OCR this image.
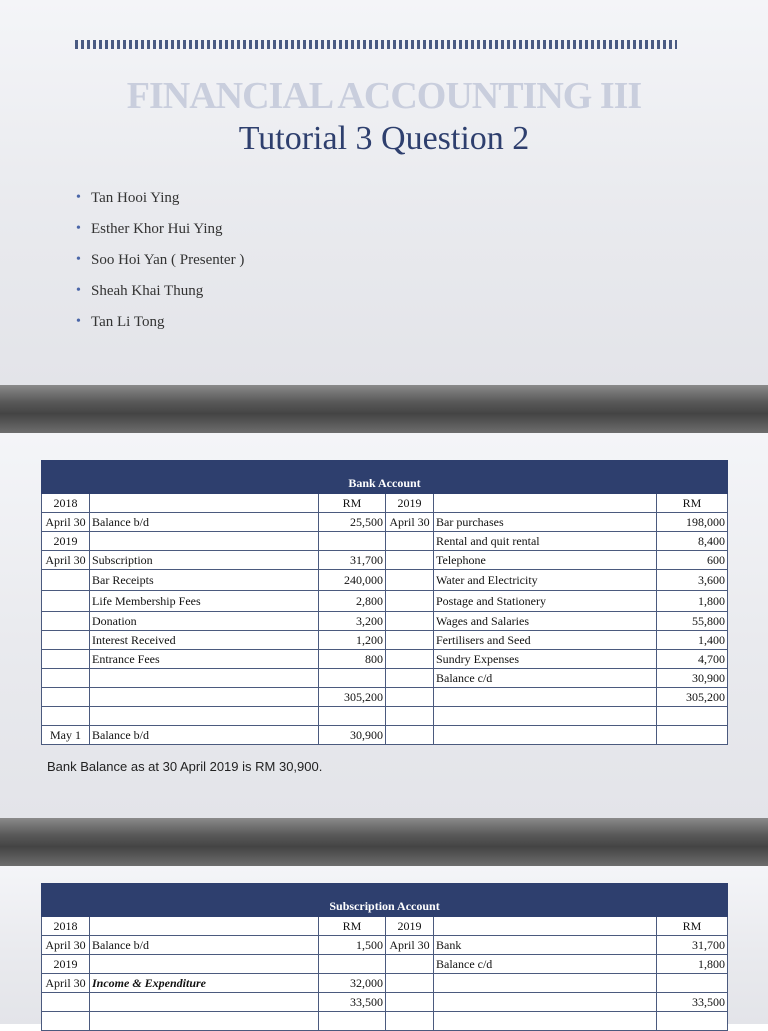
FINANCIAL ACCOUNTING III
Tutorial 3 Question 2
• Tan Hooi Ying
• Esther Khor Hui Ying
• Soo Hoi Yan ( Presenter )
• Sheah Khai Thung
• Tan Li Tong
Bank Account					
2018		RM	2019		RM
April 30	Balance b/d	25,500	April 30	Bar purchases	198,000
2019				Rental and quit rental	8,400
April 30	Subscription	31,700		Telephone	600
	Bar Receipts	240,000		Water and Electricity	3,600
	Life Membership Fees	2,800		Postage and Stationery	1,800
	Donation	3,200		Wages and Salaries	55,800
	Interest Received	1,200		Fertilisers and Seed	1,400
	Entrance Fees	800		Sundry Expenses	4,700
				Balance c/d	30,900
		305,200			305,200

May 1	Balance b/d	30,900			
Bank Balance as at 30 April 2019 is RM 30,900.
Subscription Account					
2018		RM	2019		RM
April 30	Balance b/d	1,500	April 30	Bank	31,700
2019				Balance c/d	1,800
April 30	Income & Expenditure	32,000			
		33,500			33,500
